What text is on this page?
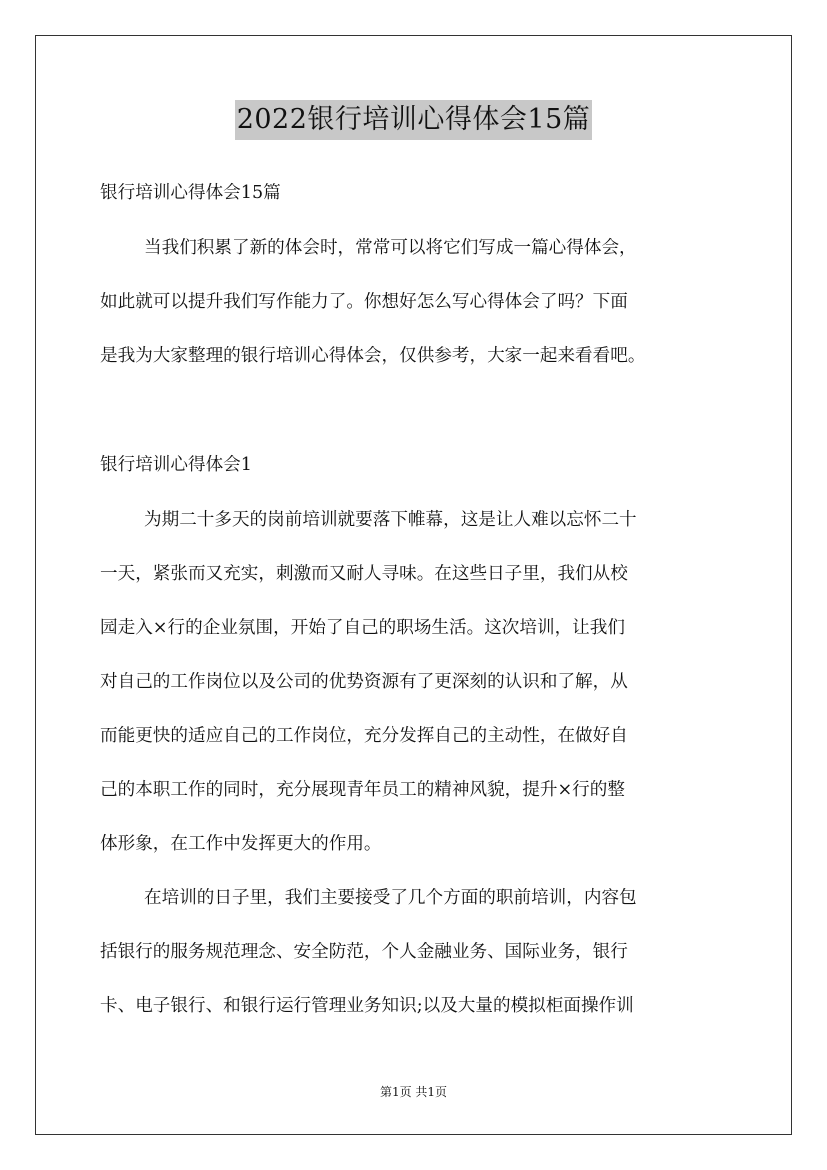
2022银行培训心得体会15篇
银行培训心得体会15篇
当我们积累了新的体会时，常常可以将它们写成一篇心得体会，
如此就可以提升我们写作能力了。你想好怎么写心得体会了吗？下面
是我为大家整理的银行培训心得体会，仅供参考，大家一起来看看吧。
银行培训心得体会1
为期二十多天的岗前培训就要落下帷幕，这是让人难以忘怀二十
一天，紧张而又充实，刺激而又耐人寻味。在这些日子里，我们从校
园走入×行的企业氛围，开始了自己的职场生活。这次培训，让我们
对自己的工作岗位以及公司的优势资源有了更深刻的认识和了解，从
而能更快的适应自己的工作岗位，充分发挥自己的主动性，在做好自
己的本职工作的同时，充分展现青年员工的精神风貌，提升×行的整
体形象，在工作中发挥更大的作用。
在培训的日子里，我们主要接受了几个方面的职前培训，内容包
括银行的服务规范理念、安全防范，个人金融业务、国际业务，银行
卡、电子银行、和银行运行管理业务知识;以及大量的模拟柜面操作训
第1页 共1页
